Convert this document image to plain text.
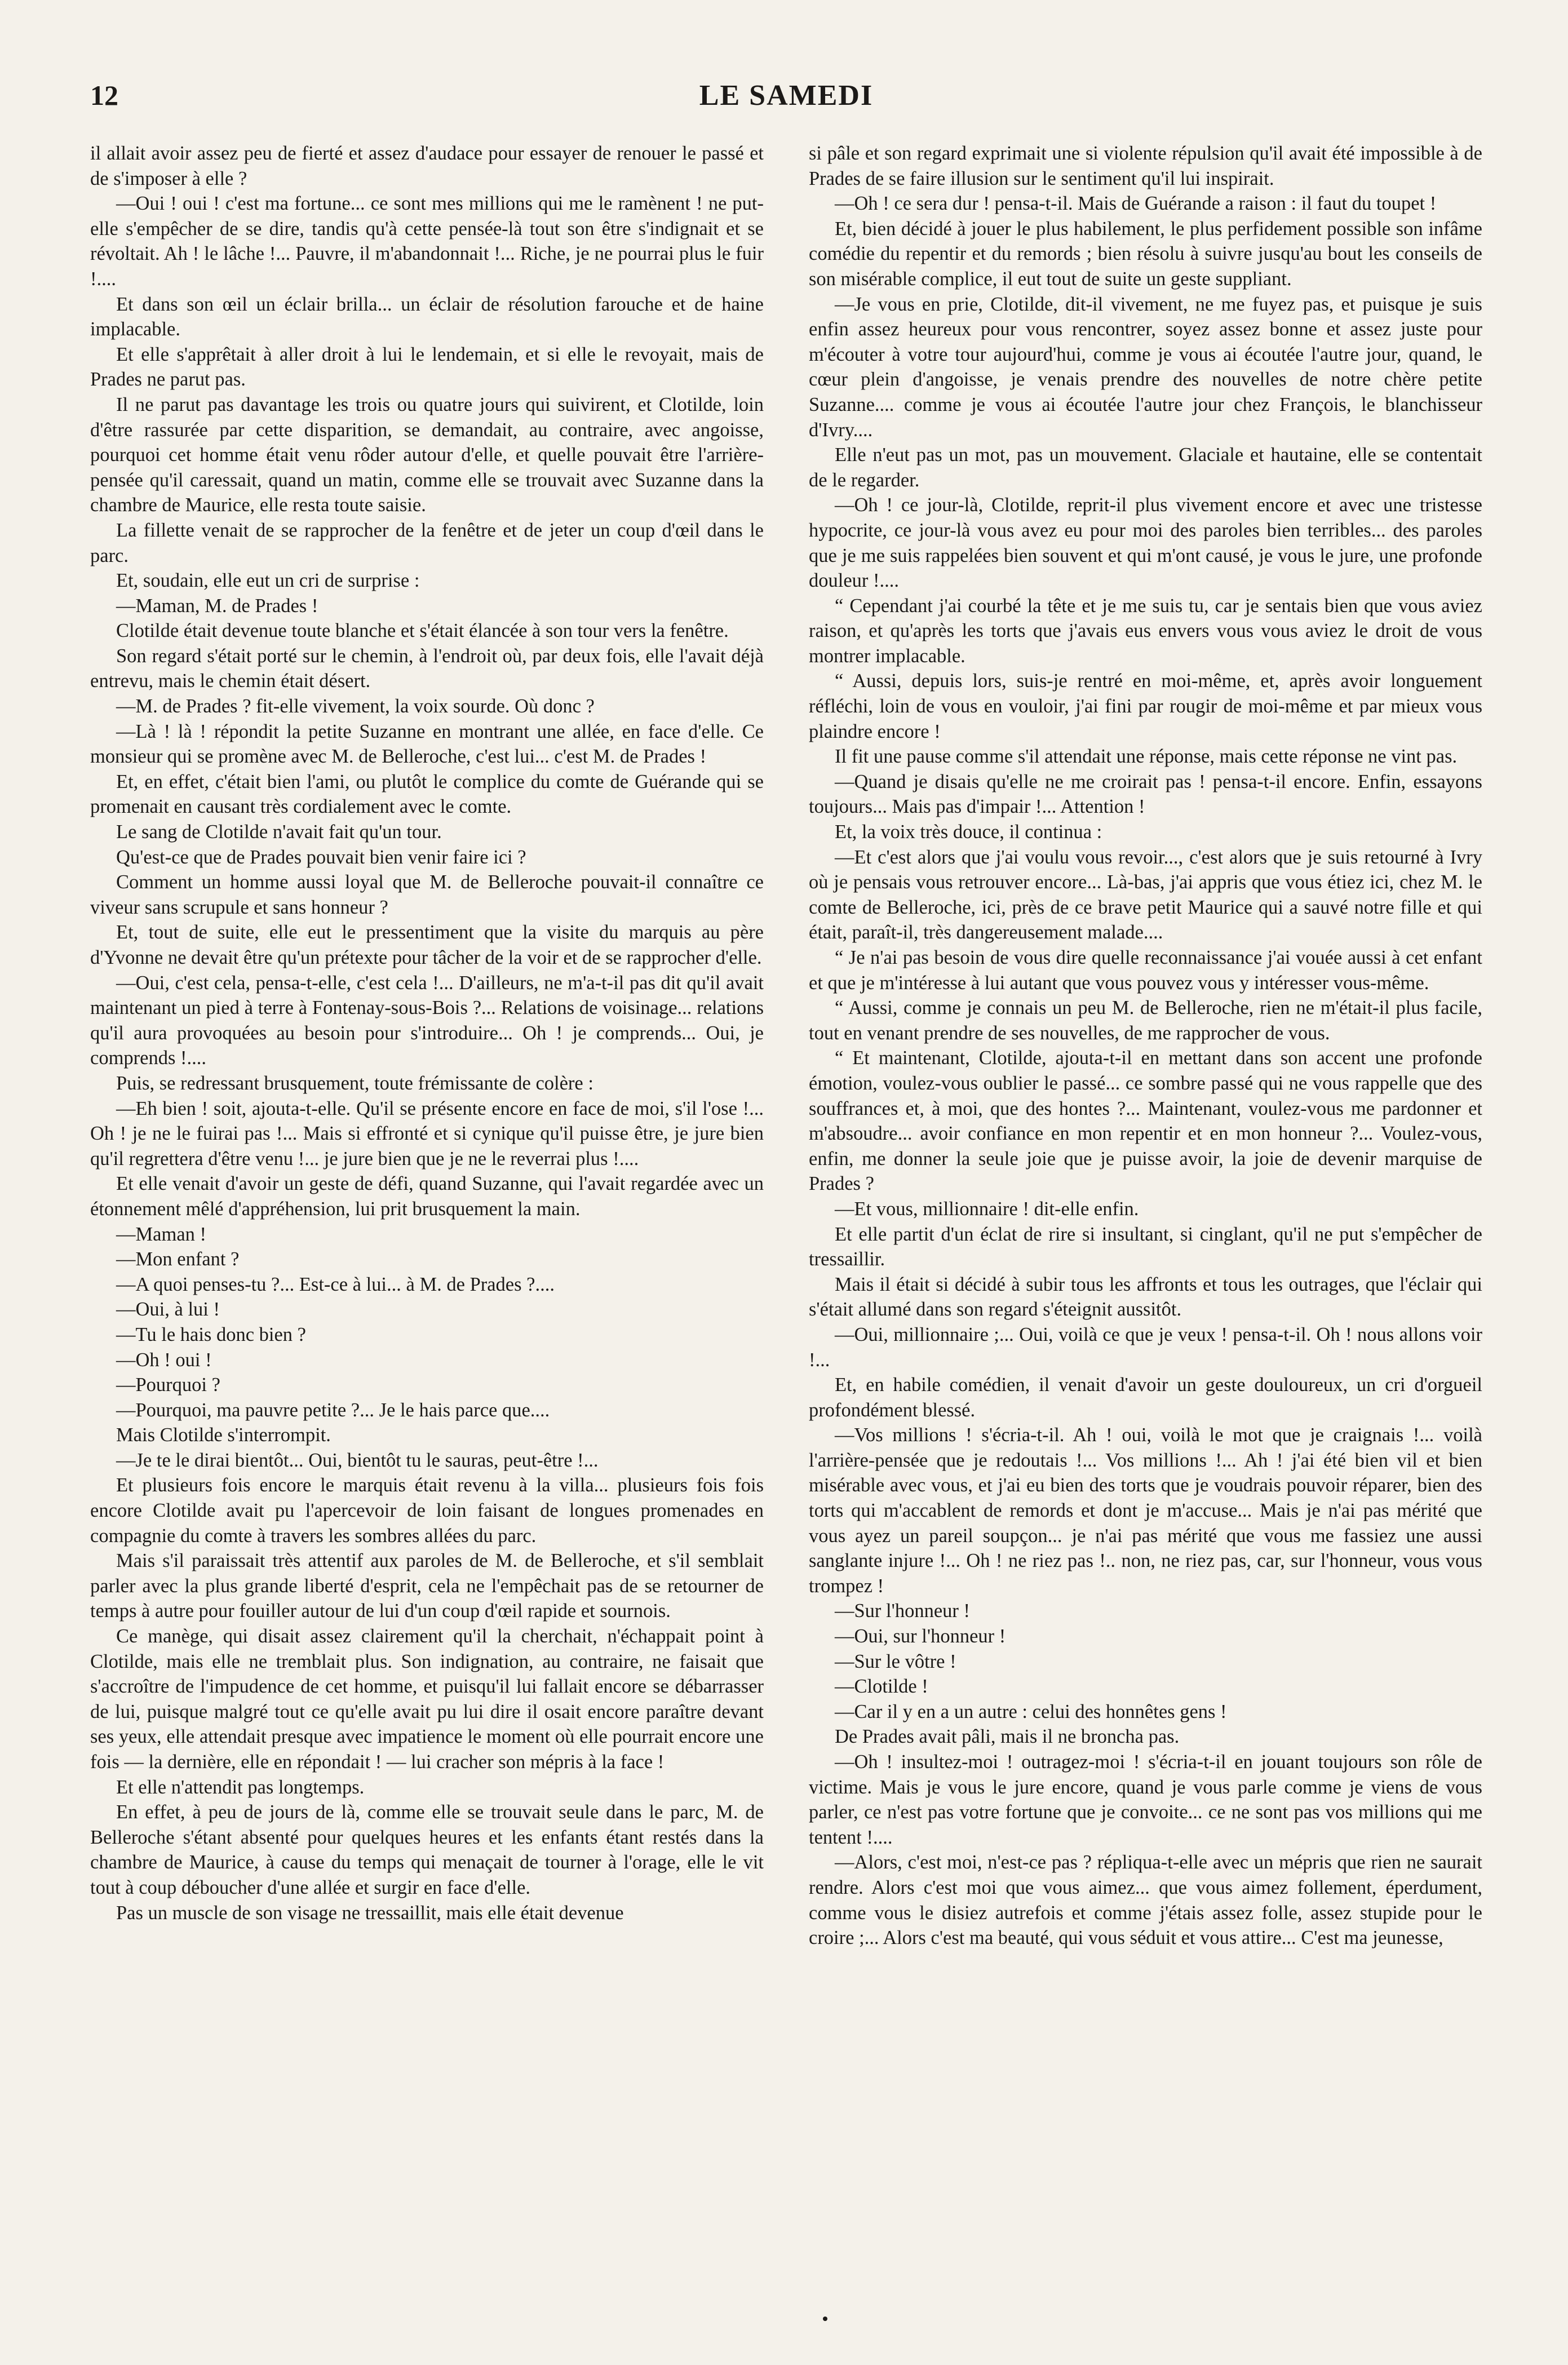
12	LE SAMEDI

il allait avoir assez peu de fierté et assez d'audace pour essayer de renouer le passé et de s'imposer à elle ?

—Oui ! oui ! c'est ma fortune... ce sont mes millions qui me le ramènent ! ne put-elle s'empêcher de se dire, tandis qu'à cette pensée-là tout son être s'indignait et se révoltait. Ah ! le lâche !... Pauvre, il m'abandonnait !... Riche, je ne pourrai plus le fuir !....

Et dans son œil un éclair brilla... un éclair de résolution farouche et de haine implacable.

Et elle s'apprêtait à aller droit à lui le lendemain, et si elle le revoyait, mais de Prades ne parut pas.

Il ne parut pas davantage les trois ou quatre jours qui suivirent, et Clotilde, loin d'être rassurée par cette disparition, se demandait, au contraire, avec angoisse, pourquoi cet homme était venu rôder autour d'elle, et quelle pouvait être l'arrière-pensée qu'il caressait, quand un matin, comme elle se trouvait avec Suzanne dans la chambre de Maurice, elle resta toute saisie.

La fillette venait de se rapprocher de la fenêtre et de jeter un coup d'œil dans le parc.

Et, soudain, elle eut un cri de surprise :

—Maman, M. de Prades !

Clotilde était devenue toute blanche et s'était élancée à son tour vers la fenêtre.

Son regard s'était porté sur le chemin, à l'endroit où, par deux fois, elle l'avait déjà entrevu, mais le chemin était désert.

—M. de Prades ? fit-elle vivement, la voix sourde. Où donc ?

—Là ! là ! répondit la petite Suzanne en montrant une allée, en face d'elle. Ce monsieur qui se promène avec M. de Belleroche, c'est lui... c'est M. de Prades !

Et, en effet, c'était bien l'ami, ou plutôt le complice du comte de Guérande qui se promenait en causant très cordialement avec le comte.

Le sang de Clotilde n'avait fait qu'un tour.

Qu'est-ce que de Prades pouvait bien venir faire ici ?

Comment un homme aussi loyal que M. de Belleroche pouvait-il connaître ce viveur sans scrupule et sans honneur ?

Et, tout de suite, elle eut le pressentiment que la visite du marquis au père d'Yvonne ne devait être qu'un prétexte pour tâcher de la voir et de se rapprocher d'elle.

—Oui, c'est cela, pensa-t-elle, c'est cela !... D'ailleurs, ne m'a-t-il pas dit qu'il avait maintenant un pied à terre à Fontenay-sous-Bois ?... Relations de voisinage... relations qu'il aura provoquées au besoin pour s'introduire... Oh ! je comprends... Oui, je comprends !....

Puis, se redressant brusquement, toute frémissante de colère :

—Eh bien ! soit, ajouta-t-elle. Qu'il se présente encore en face de moi, s'il l'ose !... Oh ! je ne le fuirai pas !... Mais si effronté et si cynique qu'il puisse être, je jure bien qu'il regrettera d'être venu !... je jure bien que je ne le reverrai plus !....

Et elle venait d'avoir un geste de défi, quand Suzanne, qui l'avait regardée avec un étonnement mêlé d'appréhension, lui prit brusquement la main.

—Maman !

—Mon enfant ?

—A quoi penses-tu ?... Est-ce à lui... à M. de Prades ?....

—Oui, à lui !

—Tu le hais donc bien ?

—Oh ! oui !

—Pourquoi ?

—Pourquoi, ma pauvre petite ?... Je le hais parce que....

Mais Clotilde s'interrompit.

—Je te le dirai bientôt... Oui, bientôt tu le sauras, peut-être !...

Et plusieurs fois encore le marquis était revenu à la villa... plusieurs fois fois encore Clotilde avait pu l'apercevoir de loin faisant de longues promenades en compagnie du comte à travers les sombres allées du parc.

Mais s'il paraissait très attentif aux paroles de M. de Belleroche, et s'il semblait parler avec la plus grande liberté d'esprit, cela ne l'empêchait pas de se retourner de temps à autre pour fouiller autour de lui d'un coup d'œil rapide et sournois.

Ce manège, qui disait assez clairement qu'il la cherchait, n'échappait point à Clotilde, mais elle ne tremblait plus. Son indignation, au contraire, ne faisait que s'accroître de l'impudence de cet homme, et puisqu'il lui fallait encore se débarrasser de lui, puisque malgré tout ce qu'elle avait pu lui dire il osait encore paraître devant ses yeux, elle attendait presque avec impatience le moment où elle pourrait encore une fois — la dernière, elle en répondait ! — lui cracher son mépris à la face !

Et elle n'attendit pas longtemps.

En effet, à peu de jours de là, comme elle se trouvait seule dans le parc, M. de Belleroche s'étant absenté pour quelques heures et les enfants étant restés dans la chambre de Maurice, à cause du temps qui menaçait de tourner à l'orage, elle le vit tout à coup déboucher d'une allée et surgir en face d'elle.

Pas un muscle de son visage ne tressaillit, mais elle était devenue

si pâle et son regard exprimait une si violente répulsion qu'il avait été impossible à de Prades de se faire illusion sur le sentiment qu'il lui inspirait.

—Oh ! ce sera dur ! pensa-t-il. Mais de Guérande a raison : il faut du toupet !

Et, bien décidé à jouer le plus habilement, le plus perfidement possible son infâme comédie du repentir et du remords ; bien résolu à suivre jusqu'au bout les conseils de son misérable complice, il eut tout de suite un geste suppliant.

—Je vous en prie, Clotilde, dit-il vivement, ne me fuyez pas, et puisque je suis enfin assez heureux pour vous rencontrer, soyez assez bonne et assez juste pour m'écouter à votre tour aujourd'hui, comme je vous ai écoutée l'autre jour, quand, le cœur plein d'angoisse, je venais prendre des nouvelles de notre chère petite Suzanne.... comme je vous ai écoutée l'autre jour chez François, le blanchisseur d'Ivry....

Elle n'eut pas un mot, pas un mouvement. Glaciale et hautaine, elle se contentait de le regarder.

—Oh ! ce jour-là, Clotilde, reprit-il plus vivement encore et avec une tristesse hypocrite, ce jour-là vous avez eu pour moi des paroles bien terribles... des paroles que je me suis rappelées bien souvent et qui m'ont causé, je vous le jure, une profonde douleur !....

“ Cependant j'ai courbé la tête et je me suis tu, car je sentais bien que vous aviez raison, et qu'après les torts que j'avais eus envers vous vous aviez le droit de vous montrer implacable.

“ Aussi, depuis lors, suis-je rentré en moi-même, et, après avoir longuement réfléchi, loin de vous en vouloir, j'ai fini par rougir de moi-même et par mieux vous plaindre encore !

Il fit une pause comme s'il attendait une réponse, mais cette réponse ne vint pas.

—Quand je disais qu'elle ne me croirait pas ! pensa-t-il encore. Enfin, essayons toujours... Mais pas d'impair !... Attention !

Et, la voix très douce, il continua :

—Et c'est alors que j'ai voulu vous revoir..., c'est alors que je suis retourné à Ivry où je pensais vous retrouver encore... Là-bas, j'ai appris que vous étiez ici, chez M. le comte de Belleroche, ici, près de ce brave petit Maurice qui a sauvé notre fille et qui était, paraît-il, très dangereusement malade....

“ Je n'ai pas besoin de vous dire quelle reconnaissance j'ai vouée aussi à cet enfant et que je m'intéresse à lui autant que vous pouvez vous y intéresser vous-même.

“ Aussi, comme je connais un peu M. de Belleroche, rien ne m'était-il plus facile, tout en venant prendre de ses nouvelles, de me rapprocher de vous.

“ Et maintenant, Clotilde, ajouta-t-il en mettant dans son accent une profonde émotion, voulez-vous oublier le passé... ce sombre passé qui ne vous rappelle que des souffrances et, à moi, que des hontes ?... Maintenant, voulez-vous me pardonner et m'absoudre... avoir confiance en mon repentir et en mon honneur ?... Voulez-vous, enfin, me donner la seule joie que je puisse avoir, la joie de devenir marquise de Prades ?

—Et vous, millionnaire ! dit-elle enfin.

Et elle partit d'un éclat de rire si insultant, si cinglant, qu'il ne put s'empêcher de tressaillir.

Mais il était si décidé à subir tous les affronts et tous les outrages, que l'éclair qui s'était allumé dans son regard s'éteignit aussitôt.

—Oui, millionnaire ;... Oui, voilà ce que je veux ! pensa-t-il. Oh ! nous allons voir !...

Et, en habile comédien, il venait d'avoir un geste douloureux, un cri d'orgueil profondément blessé.

—Vos millions ! s'écria-t-il. Ah ! oui, voilà le mot que je craignais !... voilà l'arrière-pensée que je redoutais !... Vos millions !... Ah ! j'ai été bien vil et bien misérable avec vous, et j'ai eu bien des torts que je voudrais pouvoir réparer, bien des torts qui m'accablent de remords et dont je m'accuse... Mais je n'ai pas mérité que vous ayez un pareil soupçon... je n'ai pas mérité que vous me fassiez une aussi sanglante injure !... Oh ! ne riez pas !.. non, ne riez pas, car, sur l'honneur, vous vous trompez !

—Sur l'honneur !

—Oui, sur l'honneur !

—Sur le vôtre !

—Clotilde !

—Car il y en a un autre : celui des honnêtes gens !

De Prades avait pâli, mais il ne broncha pas.

—Oh ! insultez-moi ! outragez-moi ! s'écria-t-il en jouant toujours son rôle de victime. Mais je vous le jure encore, quand je vous parle comme je viens de vous parler, ce n'est pas votre fortune que je convoite... ce ne sont pas vos millions qui me tentent !....

—Alors, c'est moi, n'est-ce pas ? répliqua-t-elle avec un mépris que rien ne saurait rendre. Alors c'est moi que vous aimez... que vous aimez follement, éperdument, comme vous le disiez autrefois et comme j'étais assez folle, assez stupide pour le croire ;... Alors c'est ma beauté, qui vous séduit et vous attire... C'est ma jeunesse,
